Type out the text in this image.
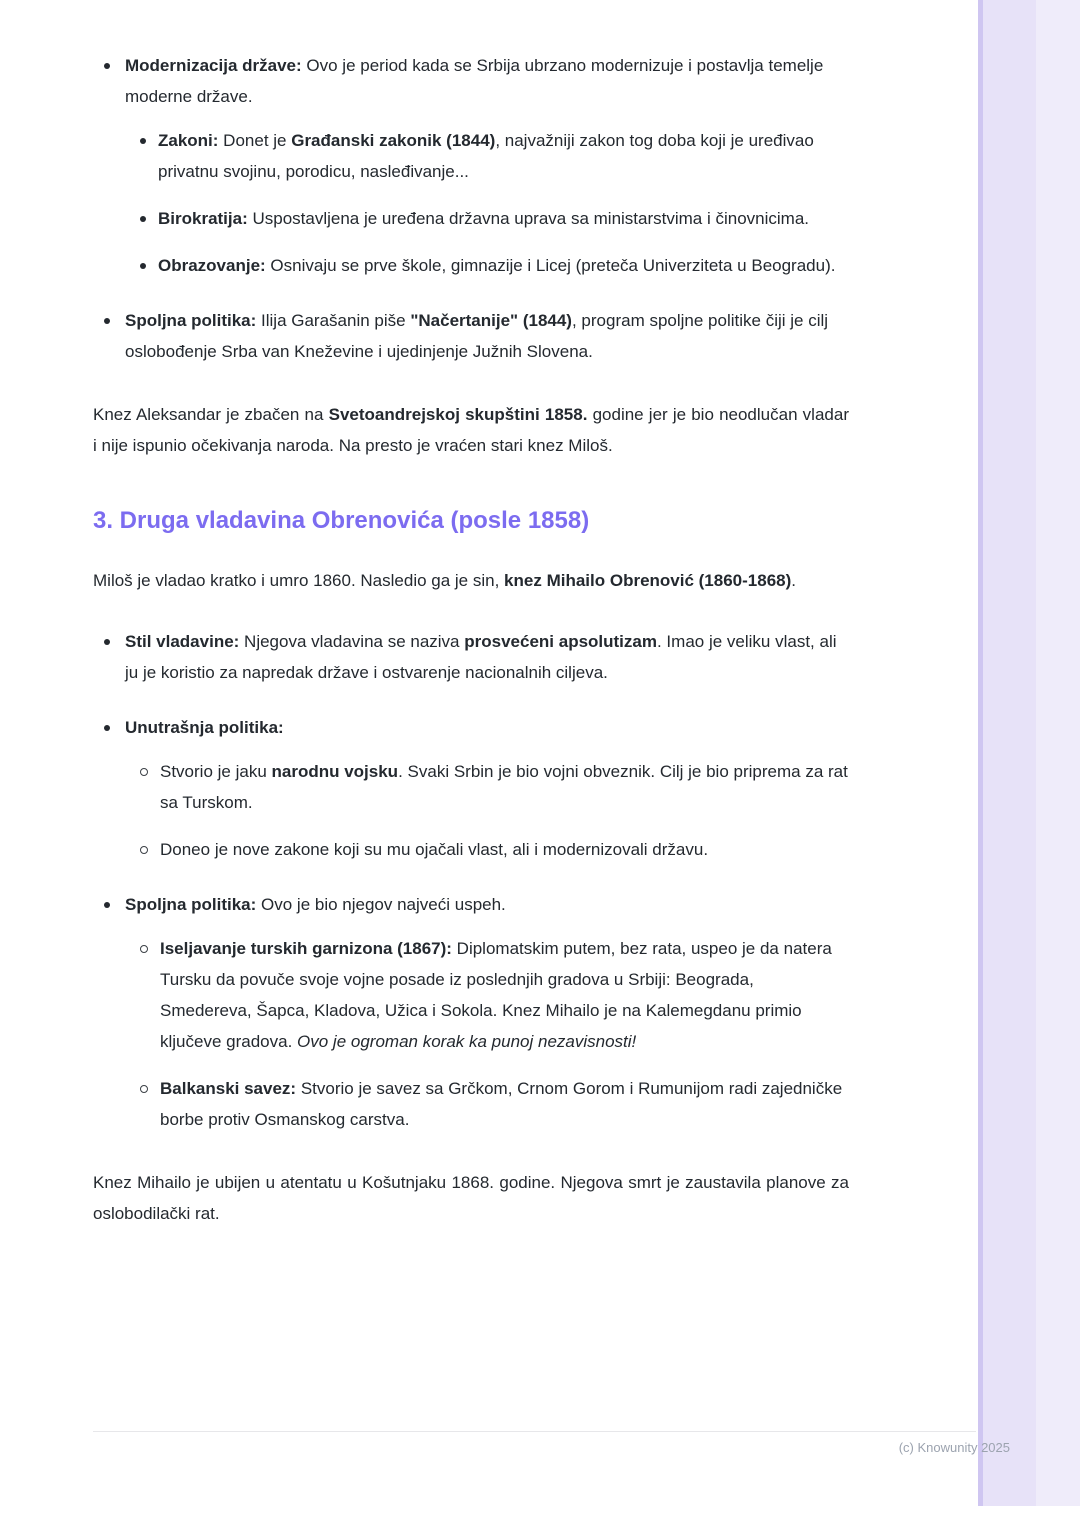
Modernizacija države: Ovo je period kada se Srbija ubrzano modernizuje i postavlja temelje moderne države.
Zakoni: Donet je Građanski zakonik (1844), najvažniji zakon tog doba koji je uređivao privatnu svojinu, porodicu, nasleđivanje...
Birokratija: Uspostavljena je uređena državna uprava sa ministarstvima i činovnicima.
Obrazovanje: Osnivaju se prve škole, gimnazije i Licej (preteča Univerziteta u Beogradu).
Spoljna politika: Ilija Garašanin piše "Načertanije" (1844), program spoljne politike čiji je cilj oslobođenje Srba van Kneževine i ujedinjenje Južnih Slovena.

Knez Aleksandar je zbačen na Svetoandrejskoj skupštini 1858. godine jer je bio neodlučan vladar i nije ispunio očekivanja naroda. Na presto je vraćen stari knez Miloš.

3. Druga vladavina Obrenovića (posle 1858)

Miloš je vladao kratko i umro 1860. Nasledio ga je sin, knez Mihailo Obrenović (1860-1868).

Stil vladavine: Njegova vladavina se naziva prosvećeni apsolutizam. Imao je veliku vlast, ali ju je koristio za napredak države i ostvarenje nacionalnih ciljeva.
Unutrašnja politika:
Stvorio je jaku narodnu vojsku. Svaki Srbin je bio vojni obveznik. Cilj je bio priprema za rat sa Turskom.
Doneo je nove zakone koji su mu ojačali vlast, ali i modernizovali državu.
Spoljna politika: Ovo je bio njegov najveći uspeh.
Iseljavanje turskih garnizona (1867): Diplomatskim putem, bez rata, uspeo je da natera Tursku da povuče svoje vojne posade iz poslednjih gradova u Srbiji: Beograda, Smedereva, Šapca, Kladova, Užica i Sokola. Knez Mihailo je na Kalemegdanu primio ključeve gradova. Ovo je ogroman korak ka punoj nezavisnosti!
Balkanski savez: Stvorio je savez sa Grčkom, Crnom Gorom i Rumunijom radi zajedničke borbe protiv Osmanskog carstva.

Knez Mihailo je ubijen u atentatu u Košutnjaku 1868. godine. Njegova smrt je zaustavila planove za oslobodilački rat.

(c) Knowunity 2025
